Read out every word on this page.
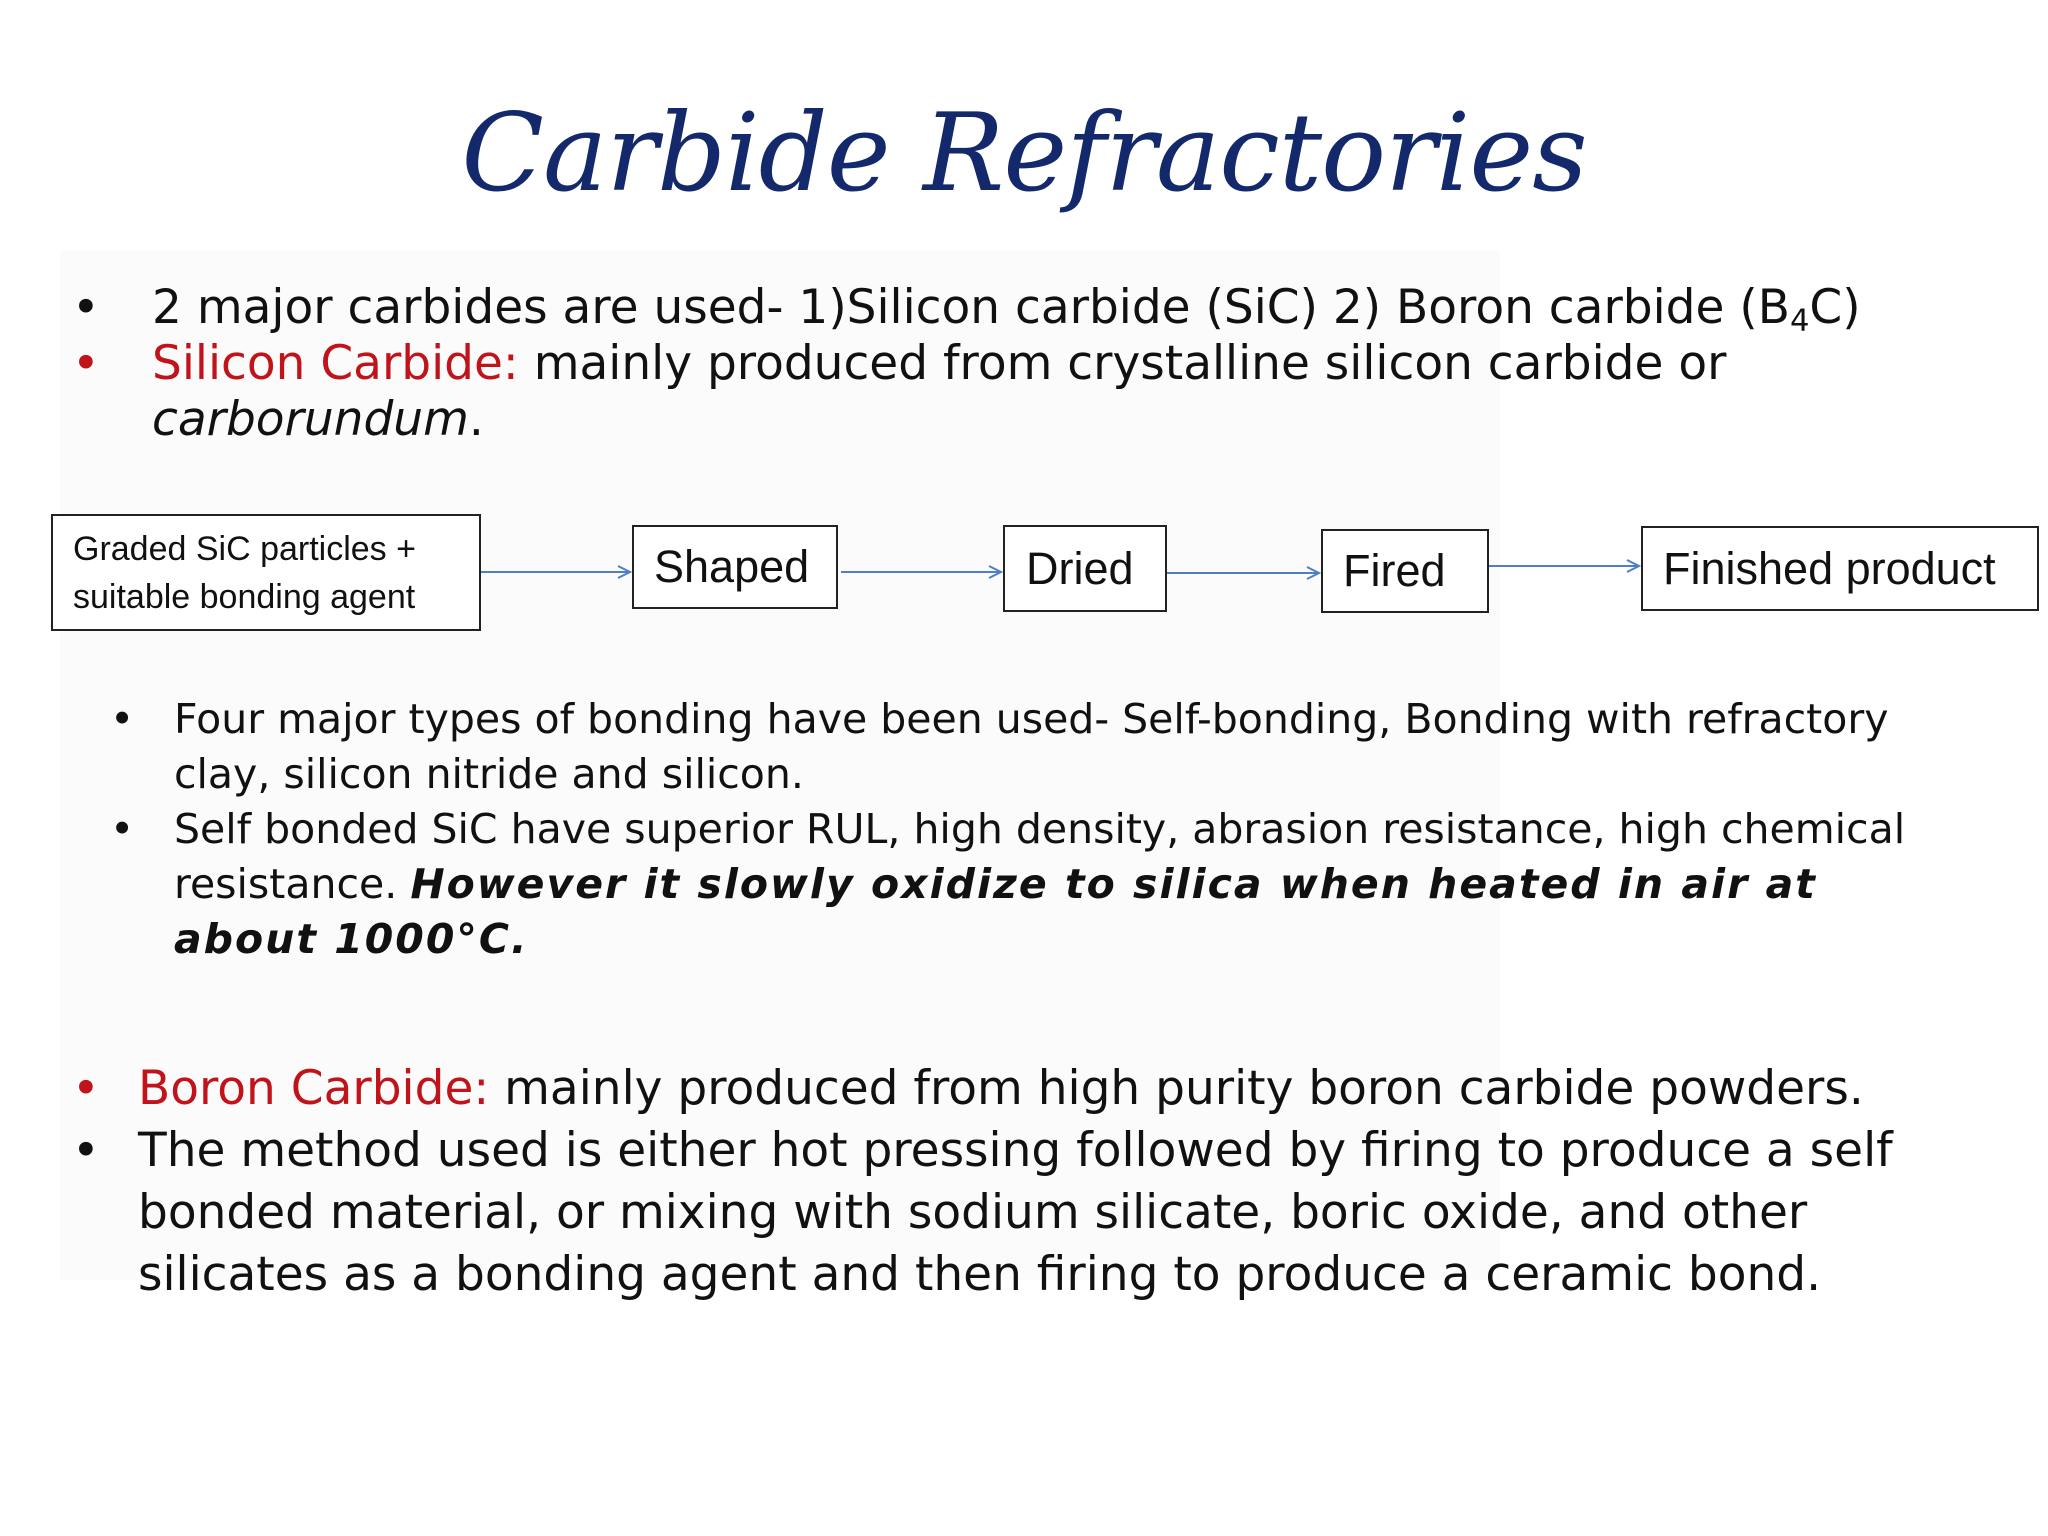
Carbide Refractories
• 2 major carbides are used- 1)Silicon carbide (SiC) 2) Boron carbide $(B_4C)$
• Silicon Carbide: mainly produced from crystalline silicon carbide or carborundum.
Graded SiC particles +
suitable bonding agent
Shaped	Dried	Fired	Finished product
• Four major types of bonding have been used- Self-bonding, Bonding with refractory clay, silicon nitride and silicon.
• Self bonded SiC have superior RUL, high density, abrasion resistance, high chemical resistance. However it slowly oxidize to silica when heated in air at about 1000°C.
• Boron Carbide: mainly produced from high purity boron carbide powders.
• The method used is either hot pressing followed by firing to produce a self bonded material, or mixing with sodium silicate, boric oxide, and other silicates as a bonding agent and then firing to produce a ceramic bond.
